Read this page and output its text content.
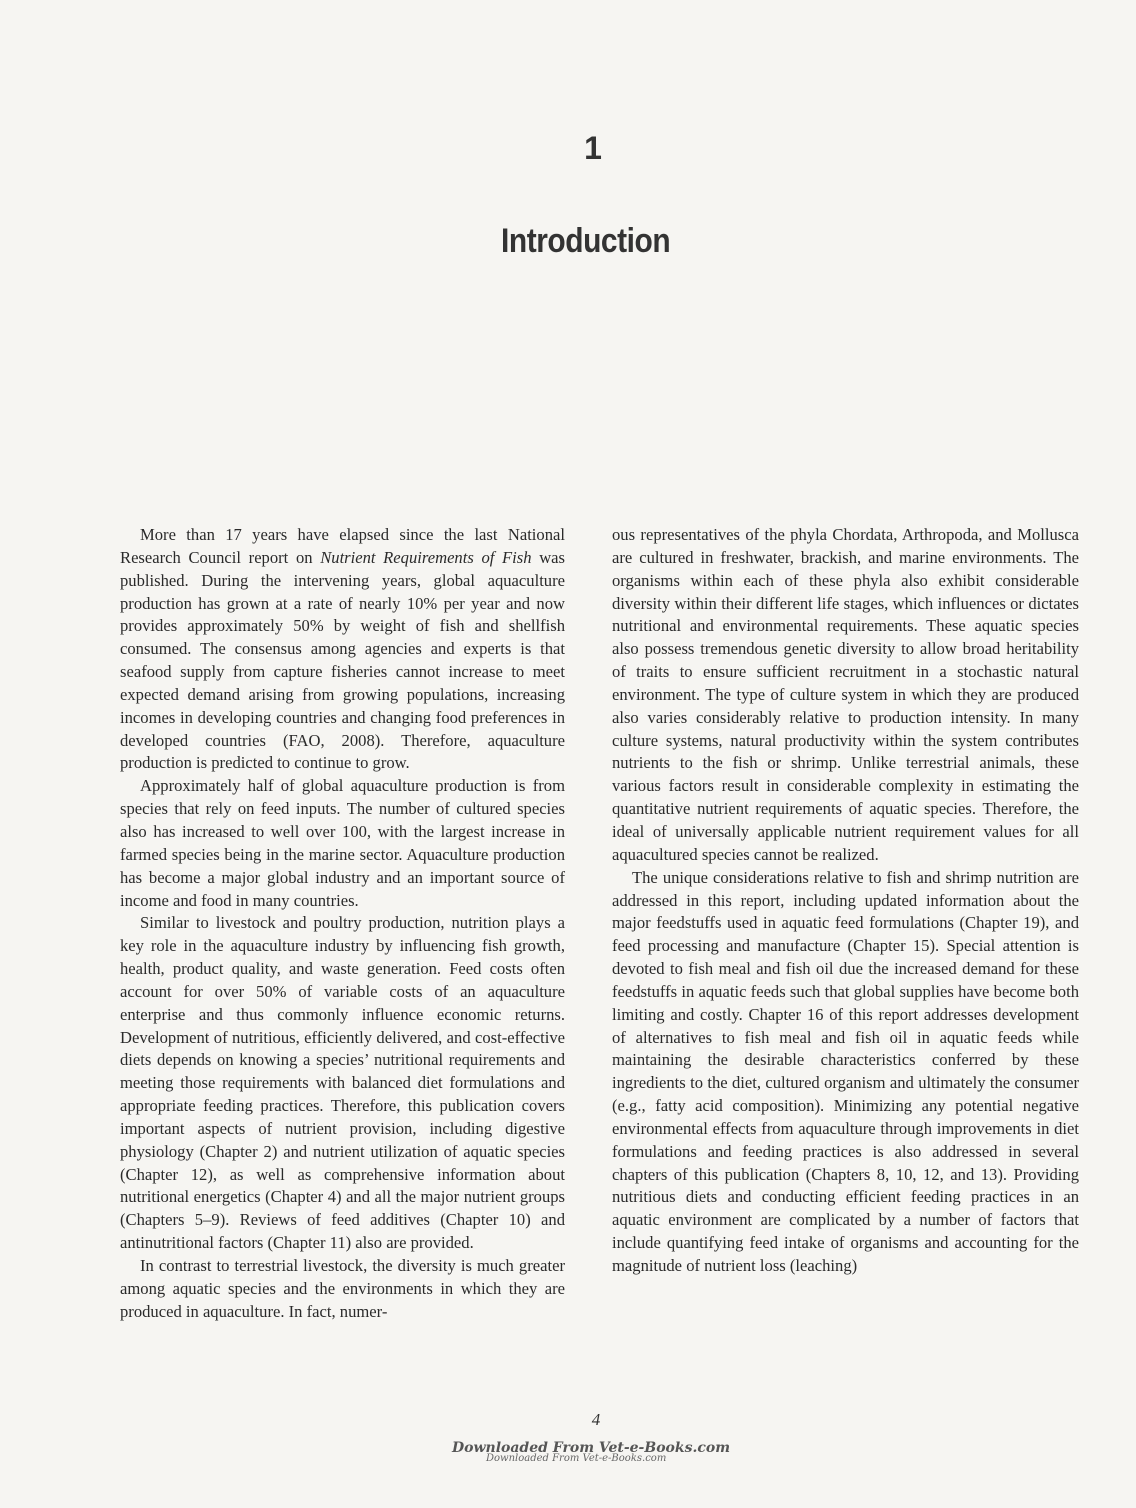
1
Introduction

More than 17 years have elapsed since the last National Research Council report on Nutrient Requirements of Fish was published. During the intervening years, global aquaculture production has grown at a rate of nearly 10% per year and now provides approximately 50% by weight of fish and shellfish consumed. The consensus among agencies and experts is that seafood supply from capture fisheries cannot increase to meet expected demand arising from growing populations, increasing incomes in developing countries and changing food preferences in developed countries (FAO, 2008). Therefore, aquaculture production is predicted to continue to grow.

Approximately half of global aquaculture production is from species that rely on feed inputs. The number of cultured species also has increased to well over 100, with the largest increase in farmed species being in the marine sector. Aquaculture production has become a major global industry and an important source of income and food in many countries.

Similar to livestock and poultry production, nutrition plays a key role in the aquaculture industry by influencing fish growth, health, product quality, and waste generation. Feed costs often account for over 50% of variable costs of an aquaculture enterprise and thus commonly influence economic returns. Development of nutritious, efficiently delivered, and cost-effective diets depends on knowing a species’ nutritional requirements and meeting those requirements with balanced diet formulations and appropriate feeding practices. Therefore, this publication covers important aspects of nutrient provision, including digestive physiology (Chapter 2) and nutrient utilization of aquatic species (Chapter 12), as well as comprehensive information about nutritional energetics (Chapter 4) and all the major nutrient groups (Chapters 5–9). Reviews of feed additives (Chapter 10) and antinutritional factors (Chapter 11) also are provided.

In contrast to terrestrial livestock, the diversity is much greater among aquatic species and the environments in which they are produced in aquaculture. In fact, numer-

ous representatives of the phyla Chordata, Arthropoda, and Mollusca are cultured in freshwater, brackish, and marine environments. The organisms within each of these phyla also exhibit considerable diversity within their different life stages, which influences or dictates nutritional and environmental requirements. These aquatic species also possess tremendous genetic diversity to allow broad heritability of traits to ensure sufficient recruitment in a stochastic natural environment. The type of culture system in which they are produced also varies considerably relative to production intensity. In many culture systems, natural productivity within the system contributes nutrients to the fish or shrimp. Unlike terrestrial animals, these various factors result in considerable complexity in estimating the quantitative nutrient requirements of aquatic species. Therefore, the ideal of universally applicable nutrient requirement values for all aquacultured species cannot be realized.

The unique considerations relative to fish and shrimp nutrition are addressed in this report, including updated information about the major feedstuffs used in aquatic feed formulations (Chapter 19), and feed processing and manufacture (Chapter 15). Special attention is devoted to fish meal and fish oil due the increased demand for these feedstuffs in aquatic feeds such that global supplies have become both limiting and costly. Chapter 16 of this report addresses development of alternatives to fish meal and fish oil in aquatic feeds while maintaining the desirable characteristics conferred by these ingredients to the diet, cultured organism and ultimately the consumer (e.g., fatty acid composition). Minimizing any potential negative environmental effects from aquaculture through improvements in diet formulations and feeding practices is also addressed in several chapters of this publication (Chapters 8, 10, 12, and 13). Providing nutritious diets and conducting efficient feeding practices in an aquatic environment are complicated by a number of factors that include quantifying feed intake of organisms and accounting for the magnitude of nutrient loss (leaching)

4
Downloaded From Vet-e-Books.com
Downloaded From Vet-e-Books.com
